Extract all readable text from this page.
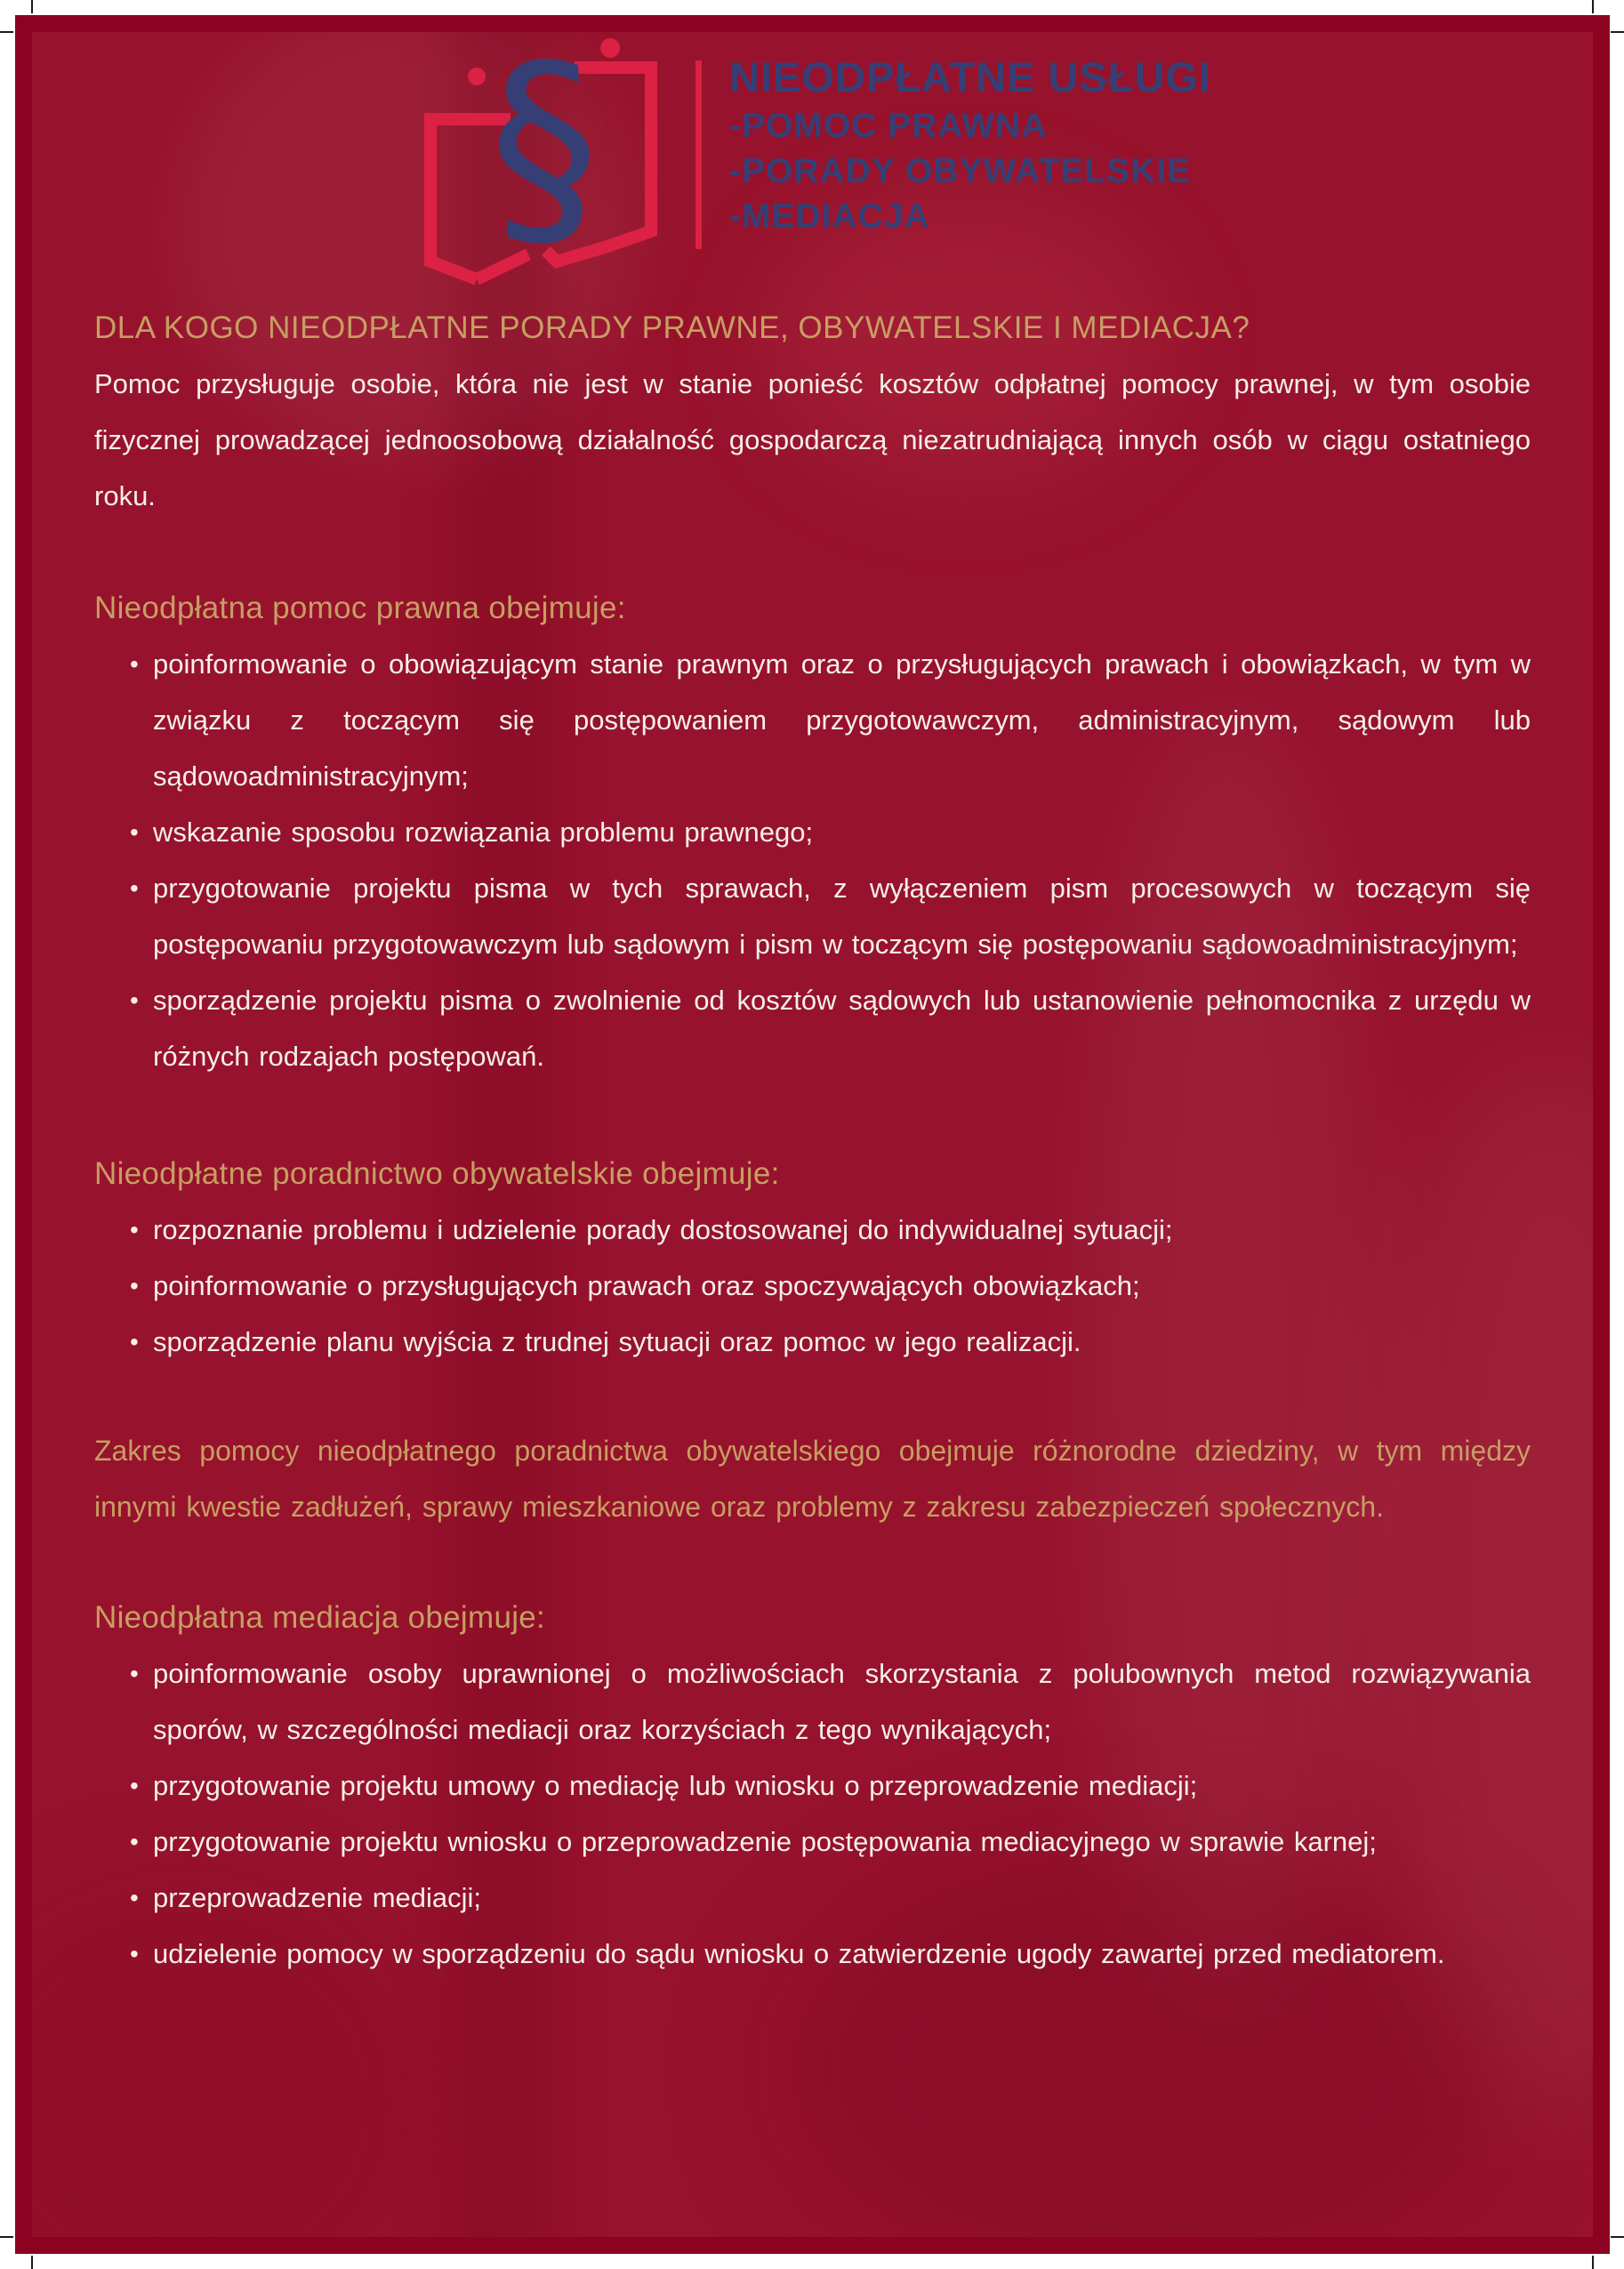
§	NIEODPŁATNE USŁUGI
-POMOC PRAWNA
-PORADY OBYWATELSKIE
-MEDIACJA
DLA KOGO NIEODPŁATNE PORADY PRAWNE, OBYWATELSKIE I MEDIACJA?

Pomoc przysługuje osobie, która nie jest w stanie ponieść kosztów odpłatnej pomocy prawnej, w tym osobie fizycznej prowadzącej jednoosobową działalność gospodarczą niezatrudniającą innych osób w ciągu ostatniego roku.

Nieodpłatna pomoc prawna obejmuje:
• poinformowanie o obowiązującym stanie prawnym oraz o przysługujących prawach i obowiązkach, w tym w związku z toczącym się postępowaniem przygotowawczym, administracyjnym, sądowym lub sądowoadministracyjnym;
• wskazanie sposobu rozwiązania problemu prawnego;
• przygotowanie projektu pisma w tych sprawach, z wyłączeniem pism procesowych w toczącym się postępowaniu przygotowawczym lub sądowym i pism w toczącym się postępowaniu sądowoadministracyjnym;
• sporządzenie projektu pisma o zwolnienie od kosztów sądowych lub ustanowienie pełnomocnika z urzędu w różnych rodzajach postępowań.
Nieodpłatne poradnictwo obywatelskie obejmuje:
• rozpoznanie problemu i udzielenie porady dostosowanej do indywidualnej sytuacji;
• poinformowanie o przysługujących prawach oraz spoczywających obowiązkach;
• sporządzenie planu wyjścia z trudnej sytuacji oraz pomoc w jego realizacji.

Zakres pomocy nieodpłatnego poradnictwa obywatelskiego obejmuje różnorodne dziedziny, w tym między innymi kwestie zadłużeń, sprawy mieszkaniowe oraz problemy z zakresu zabezpieczeń społecznych.

Nieodpłatna mediacja obejmuje:
• poinformowanie osoby uprawnionej o możliwościach skorzystania z polubownych metod rozwiązywania sporów, w szczególności mediacji oraz korzyściach z tego wynikających;
• przygotowanie projektu umowy o mediację lub wniosku o przeprowadzenie mediacji;
• przygotowanie projektu wniosku o przeprowadzenie postępowania mediacyjnego w sprawie karnej;
• przeprowadzenie mediacji;
• udzielenie pomocy w sporządzeniu do sądu wniosku o zatwierdzenie ugody zawartej przed mediatorem.
